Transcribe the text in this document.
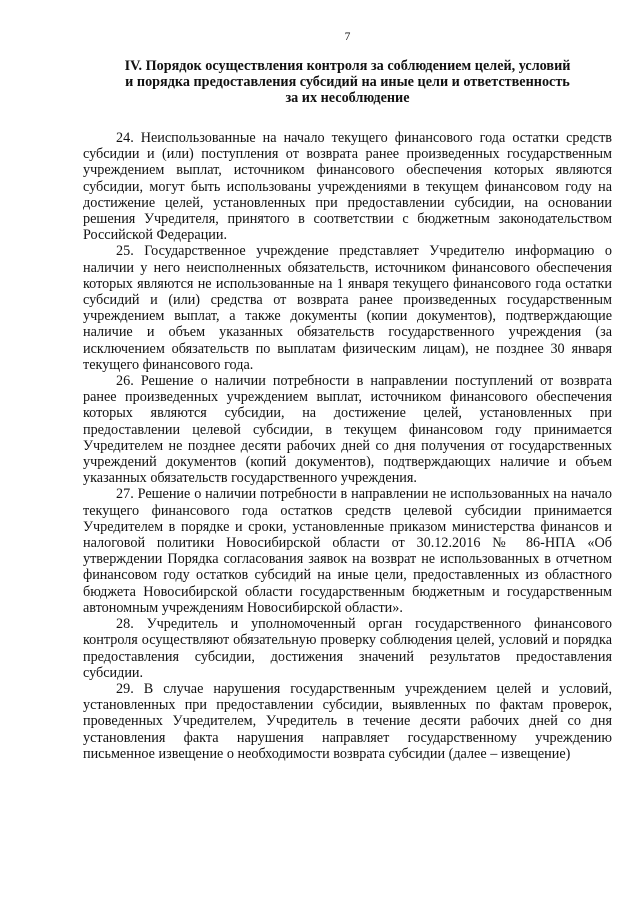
7
IV. Порядок осуществления контроля за соблюдением целей, условий
и порядка предоставления субсидий на иные цели и ответственность
за их несоблюдение

24. Неиспользованные на начало текущего финансового года остатки средств субсидии и (или) поступления от возврата ранее произведенных государственным учреждением выплат, источником финансового обеспечения которых являются субсидии, могут быть использованы учреждениями в текущем финансовом году на достижение целей, установленных при предоставлении субсидии, на основании решения Учредителя, принятого в соответствии с бюджетным законодательством Российской Федерации.

25. Государственное учреждение представляет Учредителю информацию о наличии у него неисполненных обязательств, источником финансового обеспечения которых являются не использованные на 1 января текущего финансового года остатки субсидий и (или) средства от возврата ранее произведенных государственным учреждением выплат, а также документы (копии документов), подтверждающие наличие и объем указанных обязательств государственного учреждения (за исключением обязательств по выплатам физическим лицам), не позднее 30 января текущего финансового года.

26. Решение о наличии потребности в направлении поступлений от возврата ранее произведенных учреждением выплат, источником финансового обеспечения которых являются субсидии, на достижение целей, установленных при предоставлении целевой субсидии, в текущем финансовом году принимается Учредителем не позднее десяти рабочих дней со дня получения от государственных учреждений документов (копий документов), подтверждающих наличие и объем указанных обязательств государственного учреждения.

27. Решение о наличии потребности в направлении не использованных на начало текущего финансового года остатков средств целевой субсидии принимается Учредителем в порядке и сроки, установленные приказом министерства финансов и налоговой политики Новосибирской области от 30.12.2016 № 86-НПА «Об утверждении Порядка согласования заявок на возврат не использованных в отчетном финансовом году остатков субсидий на иные цели, предоставленных из областного бюджета Новосибирской области государственным бюджетным и государственным автономным учреждениям Новосибирской области».

28. Учредитель и уполномоченный орган государственного финансового контроля осуществляют обязательную проверку соблюдения целей, условий и порядка предоставления субсидии, достижения значений результатов предоставления субсидии.

29. В случае нарушения государственным учреждением целей и условий, установленных при предоставлении субсидии, выявленных по фактам проверок, проведенных Учредителем, Учредитель в течение десяти рабочих дней со дня установления факта нарушения направляет государственному учреждению письменное извещение о необходимости возврата субсидии (далее – извещение)
